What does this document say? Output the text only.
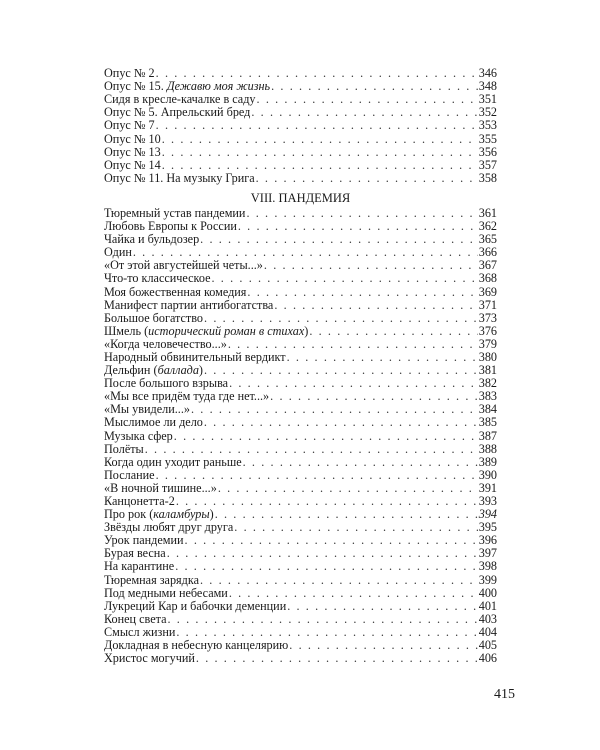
Опус № 2 . . .	346
Опус № 15. Дежавю моя жизнь . . .	348
Сидя в кресле-качалке в саду . . .	351
Опус № 5. Апрельский бред . . .	352
Опус № 7 . . .	353
Опус № 10 . . .	355
Опус № 13 . . .	356
Опус № 14 . . .	357
Опус № 11. На музыку Грига . . .	358
VIII. ПАНДЕМИЯ
Тюремный устав пандемии . . .	361
Любовь Европы к России . . .	362
Чайка и бульдозер . . .	365
Один . . .	366
«От этой августейшей четы...» . . .	367
Что-то классическое . . .	368
Моя божественная комедия . . .	369
Манифест партии антибогатства . . .	371
Большое богатство . . .	373
Шмель (исторический роман в стихах) . . .	376
«Когда человечество...» . . .	379
Народный обвинительный вердикт . . .	380
Дельфин (баллада) . . .	381
После большого взрыва . . .	382
«Мы все придём туда где нет...» . . .	383
«Мы увидели...» . . .	384
Мыслимое ли дело . . .	385
Музыка сфер . . .	387
Полёты . . .	388
Когда один уходит раньше . . .	389
Послание . . .	390
«В ночной тишине...» . . .	391
Канцонетта-2 . . .	393
Про рок (каламбуры) . . .	394
Звёзды любят друг друга . . .	395
Урок пандемии . . .	396
Бурая весна . . .	397
На карантине . . .	398
Тюремная зарядка . . .	399
Под медными небесами . . .	400
Лукреций Кар и бабочки деменции . . .	401
Конец света . . .	403
Смысл жизни . . .	404
Докладная в небесную канцелярию . . .	405
Христос могучий . . .	406
415
